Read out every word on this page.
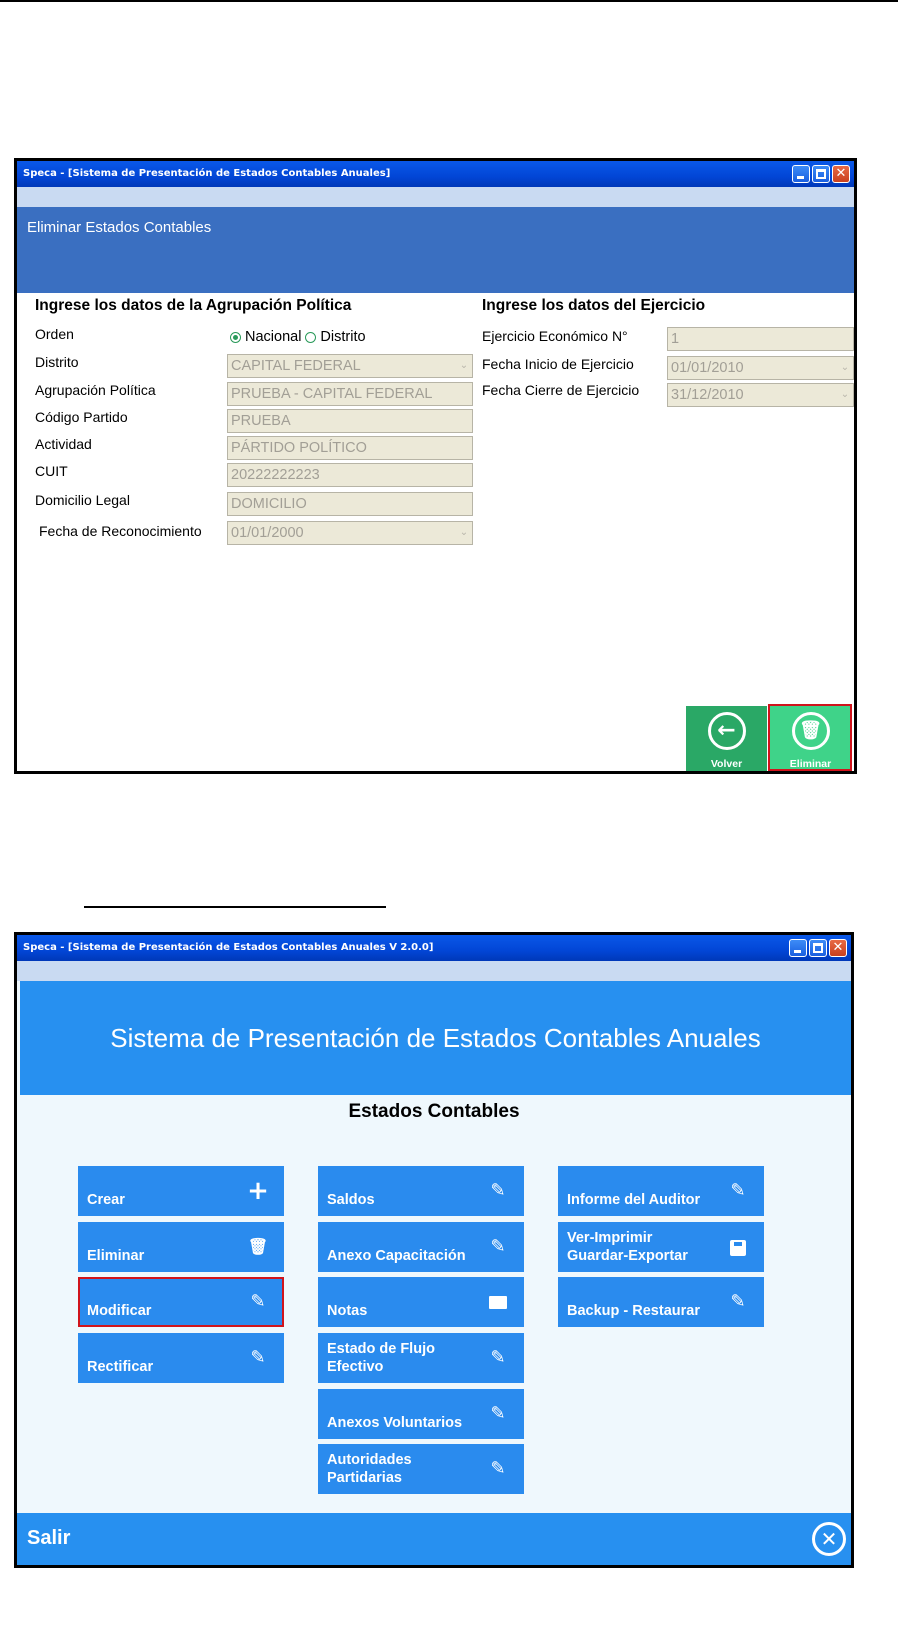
Speca - [Sistema de Presentación de Estados Contables Anuales]	✕
Eliminar Estados Contables
Ingrese los datos de la Agrupación Política	Ingrese los datos del Ejercicio
Orden	Nacional Distrito
Distrito	CAPITAL FEDERAL	⌄
Agrupación Política	PRUEBA - CAPITAL FEDERAL
Código Partido	PRUEBA
Actividad	PÁRTIDO POLÍTICO
CUIT	20222222223
Domicilio Legal	DOMICILIO
Fecha de Reconocimiento 01/01/2000	⌄
Ejercicio Económico N°	1
Fecha Inicio de Ejercicio	01/01/2010	⌄
Fecha Cierre de Ejercicio 31/12/2010	⌄
←
Volver
🗑
Eliminar
Speca - [Sistema de Presentación de Estados Contables Anuales V 2.0.0]	✕
Sistema de Presentación de Estados Contables Anuales
Estados Contables
Crear	+
Eliminar	🗑
Modificar	✎
Rectificar	✎
Saldos	✎
Anexo Capacitación ✎
Notas
Estado de Flujo
Efectivo	✎
Anexos Voluntarios ✎
Autoridades
Partidarias	✎
Informe del Auditor ✎
Ver-Imprimir
Guardar-Exportar
Backup - Restaurar ✎
Salir	✕
